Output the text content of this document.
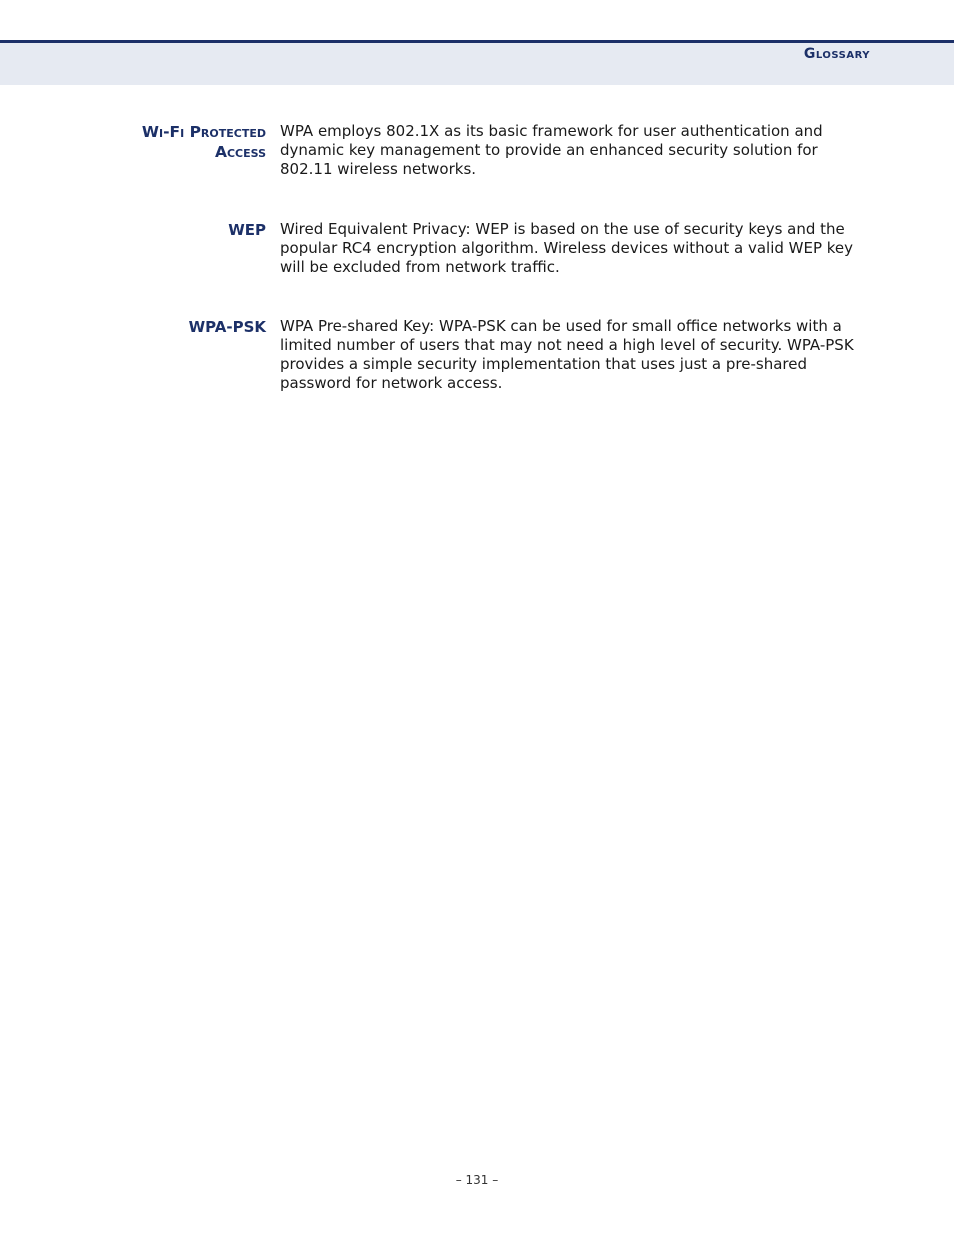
Glossary
Wi-Fi Protected
Access
WPA employs 802.1X as its basic framework for user authentication and dynamic key management to provide an enhanced security solution for 802.11 wireless networks.
WEP Wired Equivalent Privacy: WEP is based on the use of security keys and the popular RC4 encryption algorithm. Wireless devices without a valid WEP key will be excluded from network traffic.
WPA-PSK WPA Pre-shared Key: WPA-PSK can be used for small office networks with a limited number of users that may not need a high level of security. WPA-PSK provides a simple security implementation that uses just a pre-shared password for network access.
– 131 –
